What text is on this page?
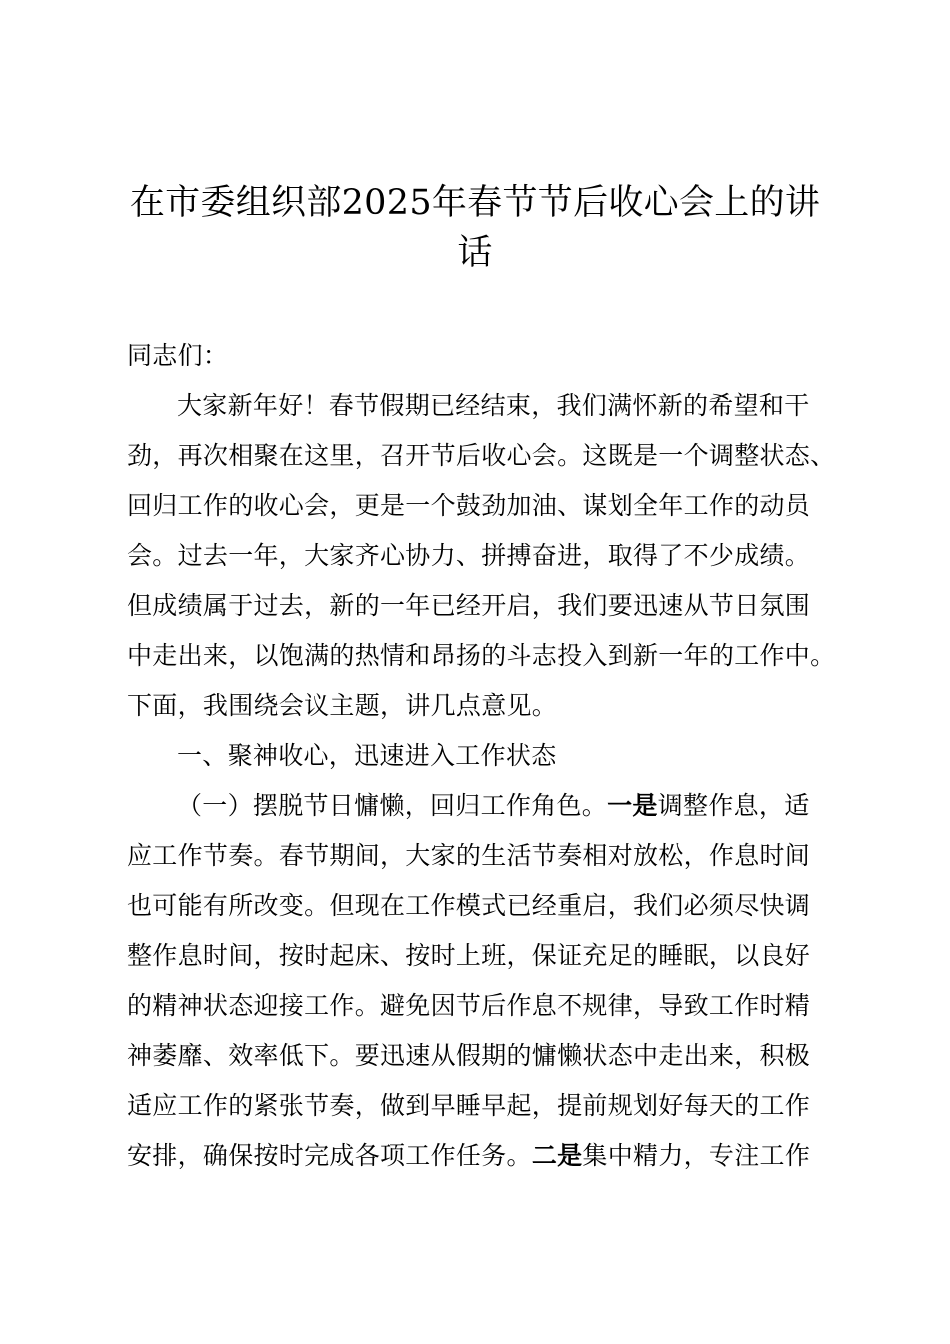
在市委组织部2025年春节节后收心会上的讲
话

同志们：

大家新年好！春节假期已经结束，我们满怀新的希望和干
劲，再次相聚在这里，召开节后收心会。这既是一个调整状态、
回归工作的收心会，更是一个鼓劲加油、谋划全年工作的动员
会。过去一年，大家齐心协力、拼搏奋进，取得了不少成绩。
但成绩属于过去，新的一年已经开启，我们要迅速从节日氛围
中走出来，以饱满的热情和昂扬的斗志投入到新一年的工作中。
下面，我围绕会议主题，讲几点意见。

一、聚神收心，迅速进入工作状态

（一）摆脱节日慵懒，回归工作角色。一是调整作息，适
应工作节奏。春节期间，大家的生活节奏相对放松，作息时间
也可能有所改变。但现在工作模式已经重启，我们必须尽快调
整作息时间，按时起床、按时上班，保证充足的睡眠，以良好
的精神状态迎接工作。避免因节后作息不规律，导致工作时精
神萎靡、效率低下。要迅速从假期的慵懒状态中走出来，积极
适应工作的紧张节奏，做到早睡早起，提前规划好每天的工作
安排，确保按时完成各项工作任务。二是集中精力，专注工作
